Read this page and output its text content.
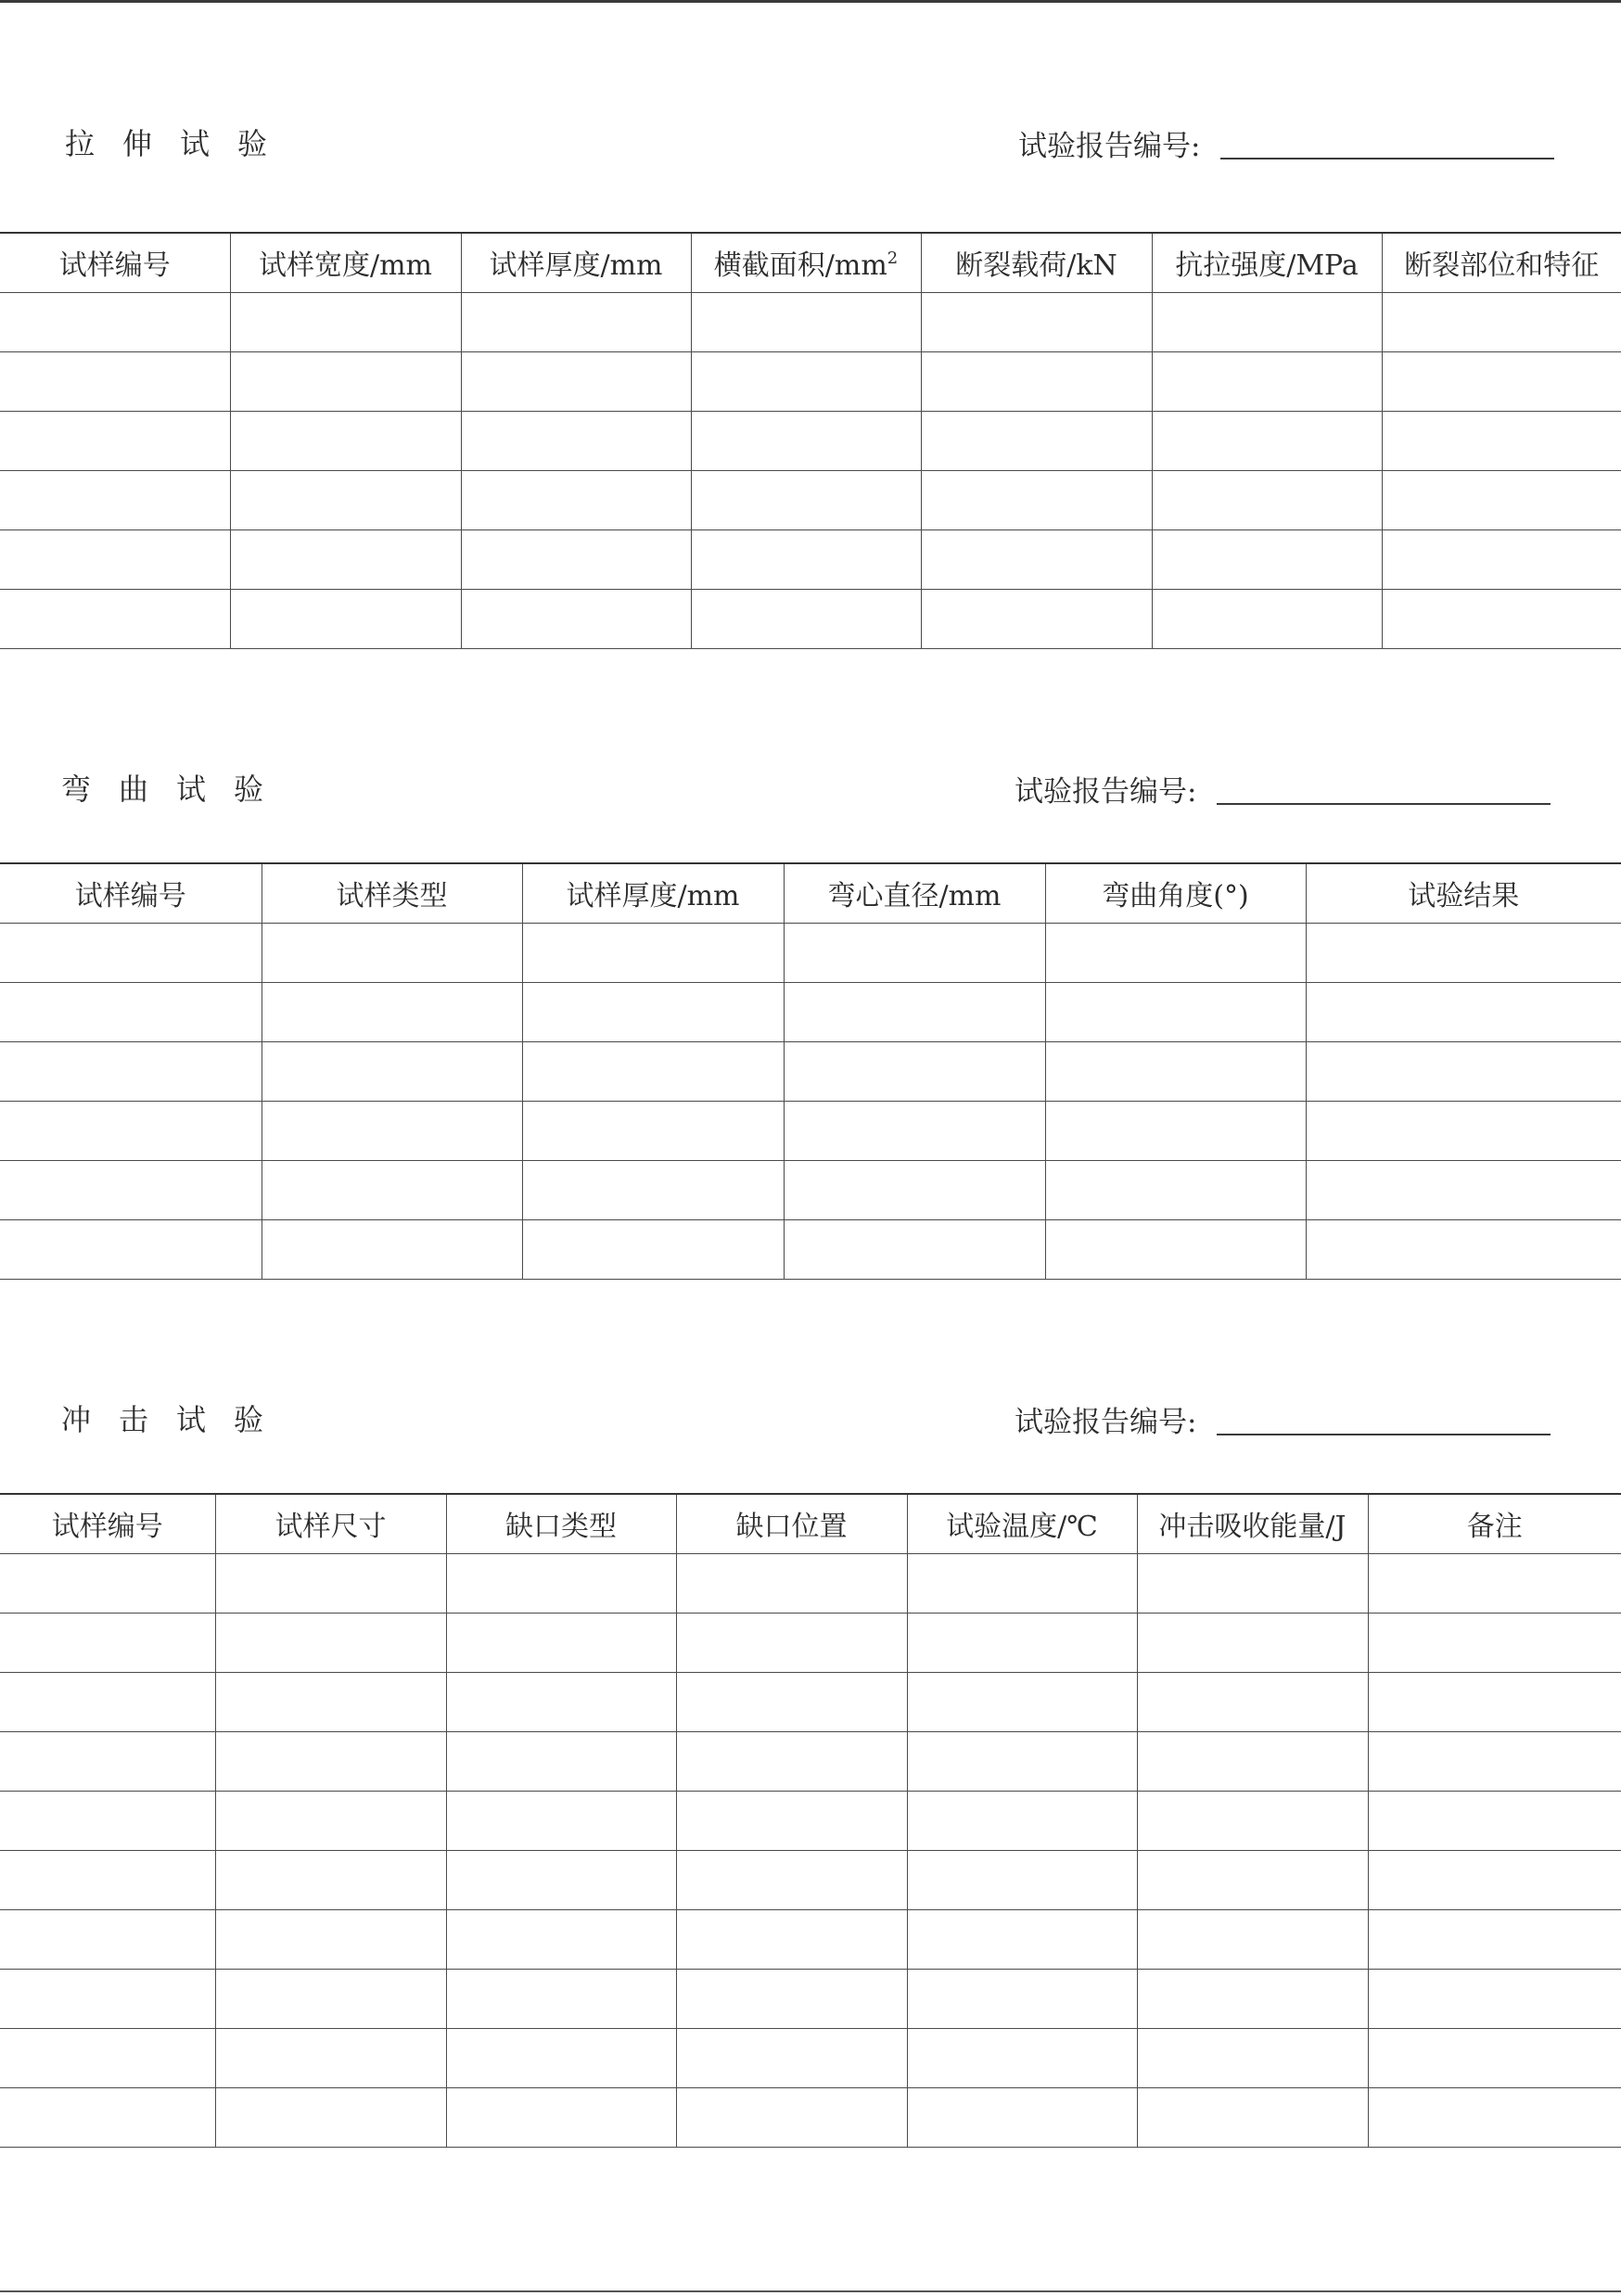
拉伸试验	试验报告编号:
试样编号	试样宽度/mm	试样厚度/mm	横截面积$/mm^2$	断裂载荷/kN	抗拉强度/MPa	断裂部位和特征

弯曲试验	试验报告编号:
试样编号	试样类型	试样厚度/mm	弯心直径/mm	弯曲角度(°)	试验结果

冲击试验	试验报告编号:
试样编号	试样尺寸	缺口类型	缺口位置	试验温度/℃	冲击吸收能量/J	备注
